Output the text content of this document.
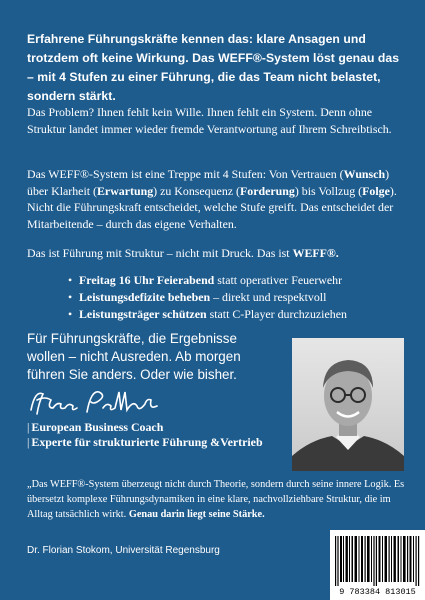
Erfahrene Führungskräfte kennen das: klare Ansagen und trotzdem oft keine Wirkung. Das WEFF®-System löst genau das – mit 4 Stufen zu einer Führung, die das Team nicht belastet, sondern stärkt.
Das Problem? Ihnen fehlt kein Wille. Ihnen fehlt ein System. Denn ohne Struktur landet immer wieder fremde Verantwortung auf Ihrem Schreibtisch.
Das WEFF®-System ist eine Treppe mit 4 Stufen: Von Vertrauen (Wunsch) über Klarheit (Erwartung) zu Konsequenz (Forderung) bis Vollzug (Folge). Nicht die Führungskraft entscheidet, welche Stufe greift. Das entscheidet der Mitarbeitende – durch das eigene Verhalten.
Das ist Führung mit Struktur – nicht mit Druck. Das ist WEFF®.
• Freitag 16 Uhr Feierabend statt operativer Feuerwehr
• Leistungsdefizite beheben – direkt und respektvoll
• Leistungsträger schützen statt C-Player durchzuziehen
Für Führungskräfte, die Ergebnisse wollen – nicht Ausreden. Ab morgen führen Sie anders. Oder wie bisher.
| European Business Coach
| Experte für strukturierte Führung &Vertrieb
„Das WEFF®-System überzeugt nicht durch Theorie, sondern durch seine innere Logik. Es übersetzt komplexe Führungsdynamiken in eine klare, nachvollziehbare Struktur, die im Alltag tatsächlich wirkt. Genau darin liegt seine Stärke.
Dr. Florian Stokom, Universität Regensburg
9 783384 813015
